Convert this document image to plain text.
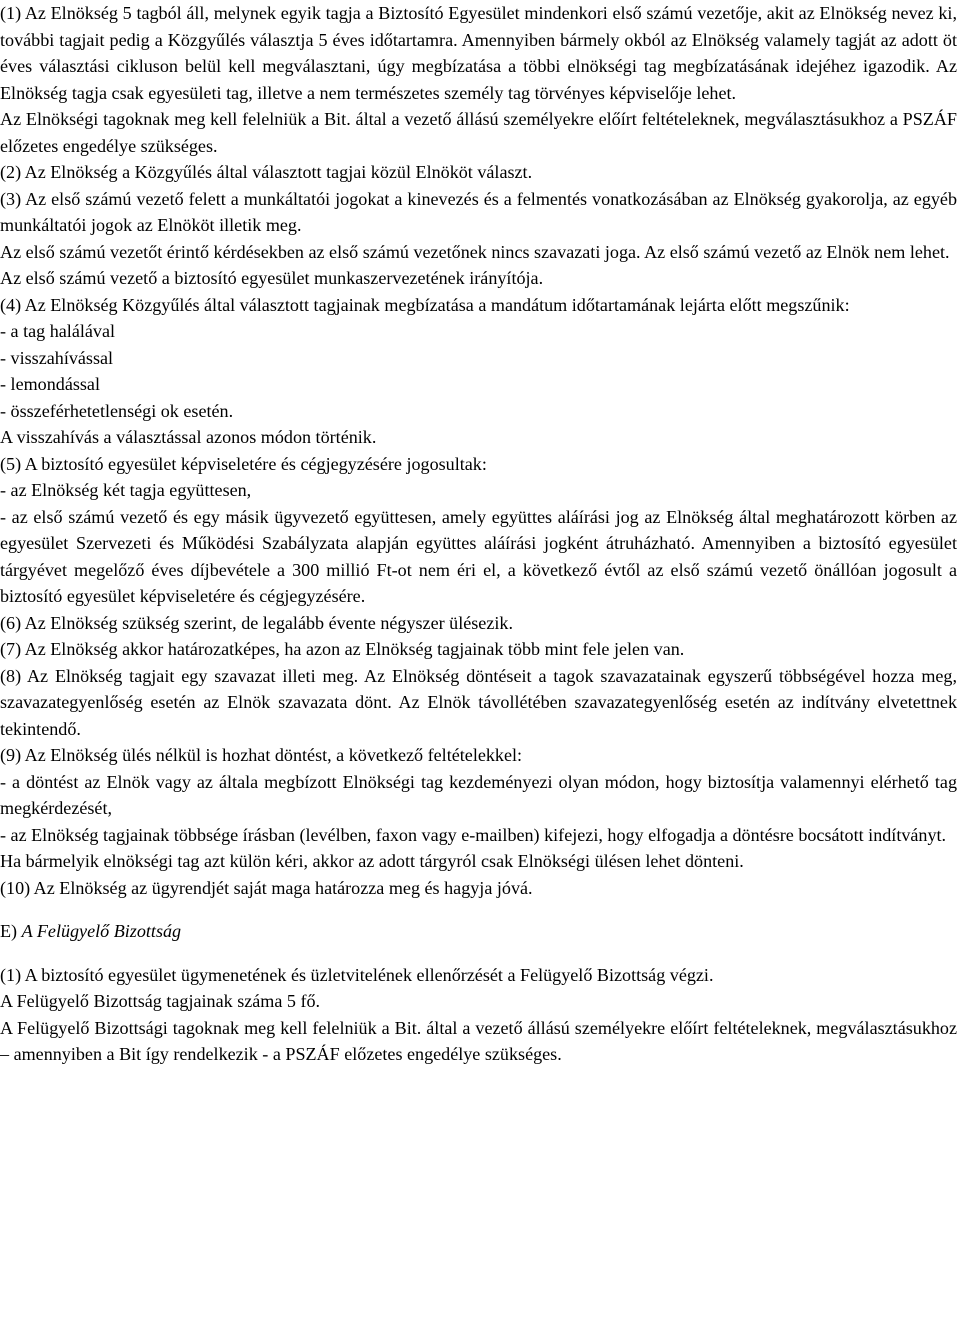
(1) Az Elnökség 5 tagból áll, melynek egyik tagja a Biztosító Egyesület mindenkori első számú vezetője, akit az Elnökség nevez ki, további tagjait pedig a Közgyűlés választja 5 éves időtartamra. Amennyiben bármely okból az Elnökség valamely tagját az adott öt éves választási cikluson belül kell megválasztani, úgy megbízatása a többi elnökségi tag megbízatásának idejéhez igazodik. Az Elnökség tagja csak egyesületi tag, illetve a nem természetes személy tag törvényes képviselője lehet.

Az Elnökségi tagoknak meg kell felelniük a Bit. által a vezető állású személyekre előírt feltételeknek, megválasztásukhoz a PSZÁF előzetes engedélye szükséges.

(2) Az Elnökség a Közgyűlés által választott tagjai közül Elnököt választ.

(3) Az első számú vezető felett a munkáltatói jogokat a kinevezés és a felmentés vonatkozásában az Elnökség gyakorolja, az egyéb munkáltatói jogok az Elnököt illetik meg.

Az első számú vezetőt érintő kérdésekben az első számú vezetőnek nincs szavazati joga. Az első számú vezető az Elnök nem lehet.

Az első számú vezető a biztosító egyesület munkaszervezetének irányítója.

(4) Az Elnökség Közgyűlés által választott tagjainak megbízatása a mandátum időtartamának lejárta előtt megszűnik:

- a tag halálával

- visszahívással

- lemondással

- összeférhetetlenségi ok esetén.

A visszahívás a választással azonos módon történik.

(5) A biztosító egyesület képviseletére és cégjegyzésére jogosultak:

- az Elnökség két tagja együttesen,

- az első számú vezető és egy másik ügyvezető együttesen, amely együttes aláírási jog az Elnökség által meghatározott körben az egyesület Szervezeti és Működési Szabályzata alapján együttes aláírási jogként átruházható. Amennyiben a biztosító egyesület tárgyévet megelőző éves díjbevétele a 300 millió Ft-ot nem éri el, a következő évtől az első számú vezető önállóan jogosult a biztosító egyesület képviseletére és cégjegyzésére.

(6) Az Elnökség szükség szerint, de legalább évente négyszer ülésezik.

(7) Az Elnökség akkor határozatképes, ha azon az Elnökség tagjainak több mint fele jelen van.

(8) Az Elnökség tagjait egy szavazat illeti meg. Az Elnökség döntéseit a tagok szavazatainak egyszerű többségével hozza meg, szavazategyenlőség esetén az Elnök szavazata dönt. Az Elnök távollétében szavazategyenlőség esetén az indítvány elvetettnek tekintendő.

(9) Az Elnökség ülés nélkül is hozhat döntést, a következő feltételekkel:

- a döntést az Elnök vagy az általa megbízott Elnökségi tag kezdeményezi olyan módon, hogy biztosítja valamennyi elérhető tag megkérdezését,

- az Elnökség tagjainak többsége írásban (levélben, faxon vagy e-mailben) kifejezi, hogy elfogadja a döntésre bocsátott indítványt.

Ha bármelyik elnökségi tag azt külön kéri, akkor az adott tárgyról csak Elnökségi ülésen lehet dönteni.

(10) Az Elnökség az ügyrendjét saját maga határozza meg és hagyja jóvá.

E) A Felügyelő Bizottság

(1) A biztosító egyesület ügymenetének és üzletvitelének ellenőrzését a Felügyelő Bizottság végzi.

A Felügyelő Bizottság tagjainak száma 5 fő.

A Felügyelő Bizottsági tagoknak meg kell felelniük a Bit. által a vezető állású személyekre előírt feltételeknek, megválasztásukhoz – amennyiben a Bit így rendelkezik - a PSZÁF előzetes engedélye szükséges.
